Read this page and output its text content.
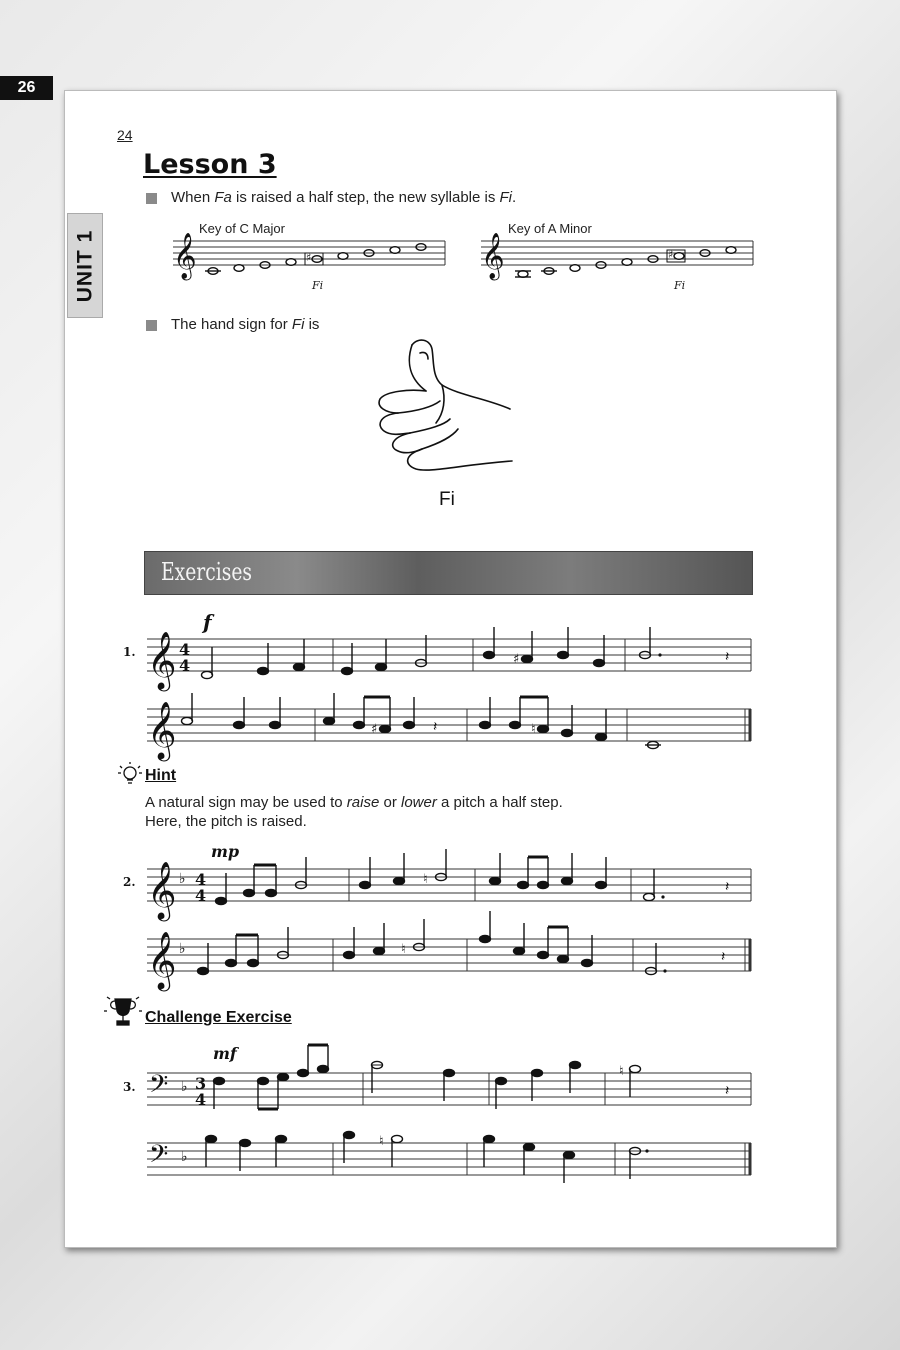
26
24
UNIT 1
Lesson 3
When Fa is raised a half step, the new syllable is Fi.
Key of C Major	Key of A Minor
𝄞	𝄞
♯	♯
Fi	Fi
The hand sign for Fi is
Fi
Exercises
1.
f
𝄞 4
4	♯	𝄽
𝄞	♯	♮
𝄽
Hint
A natural sign may be used to raise or lower a pitch a half step.
Here, the pitch is raised.
2.
mp
𝄞 ♭ 4
4
♮	𝄽
𝄞 ♭	♮	𝄽
Challenge Exercise
3.
mf
𝄢 ♭ 3
4
♮
𝄽
𝄢 ♭
♮
